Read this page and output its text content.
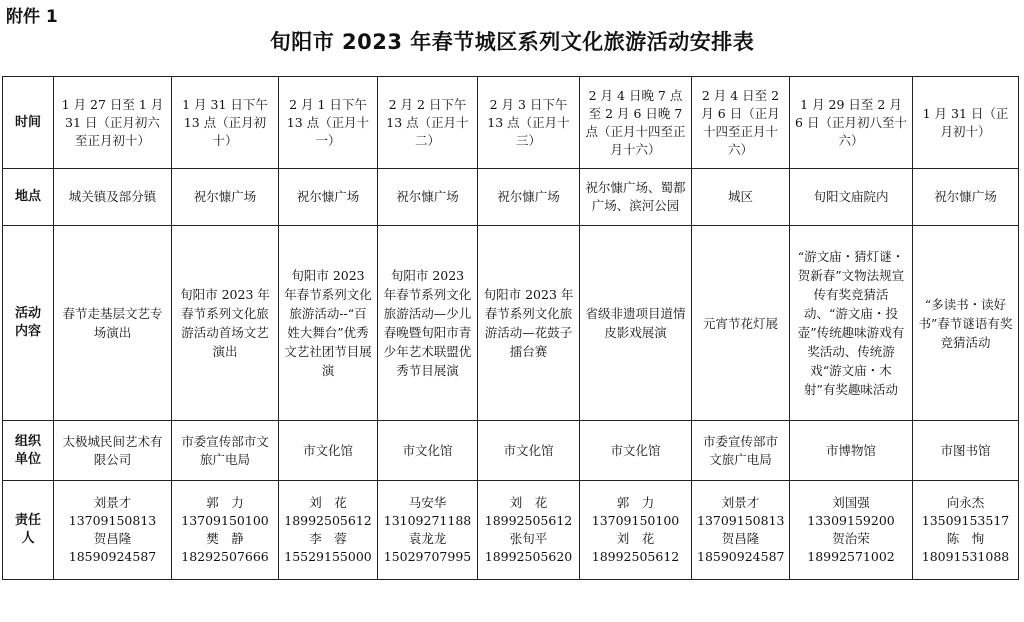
附件 1
旬阳市 2023 年春节城区系列文化旅游活动安排表
时间	1 月 27 日至 1 月 31 日（正月初六至正月初十）	1 月 31 日下午 13 点（正月初十）	2 月 1 日下午 13 点（正月十一）	2 月 2 日下午 13 点（正月十二）	2 月 3 日下午 13 点（正月十三）	2 月 4 日晚 7 点至 2 月 6 日晚 7 点（正月十四至正月十六）	2 月 4 日至 2 月 6 日（正月十四至正月十六）	1 月 29 日至 2 月 6 日（正月初八至十六）	1 月 31 日（正月初十）
地点	城关镇及部分镇	祝尔慷广场	祝尔慷广场	祝尔慷广场	祝尔慷广场	祝尔慷广场、蜀都广场、滨河公园	城区	旬阳文庙院内	祝尔慷广场

活动
内容	春节走基层文艺专场演出	旬阳市 2023 年春节系列文化旅游活动首场文艺演出	旬阳市 2023 年春节系列文化旅游活动--“百姓大舞台”优秀文艺社团节目展演	旬阳市 2023 年春节系列文化旅游活动—少儿春晚暨旬阳市青少年艺术联盟优秀节目展演	旬阳市 2023 年春节系列文化旅游活动—花鼓子擂台赛	省级非遗项目道情皮影戏展演	元宵节花灯展	“游文庙・猜灯谜・贺新春”文物法规宣传有奖竞猜活动、“游文庙・投壶”传统趣味游戏有奖活动、传统游戏“游文庙・木射”有奖趣味活动	“多读书・读好书”春节谜语有奖竞猜活动

组织
单位	太极城民间艺术有限公司	市委宣传部市文旅广电局	市文化馆	市文化馆	市文化馆	市文化馆	市委宣传部市文旅广电局	市博物馆	市图书馆

责任
人	刘景才
13709150813
贺昌隆
18590924587	郭　力
13709150100
樊　静
18292507666	刘　花
18992505612
李　蓉
15529155000	马安华
13109271188
袁龙龙
15029707995	刘　花
18992505612
张旬平
18992505620	郭　力
13709150100
刘　花
18992505612	刘景才
13709150813
贺昌隆
18590924587	刘国强
13309159200
贺治荣
18992571002	向永杰
13509153517
陈　恂
18091531088
